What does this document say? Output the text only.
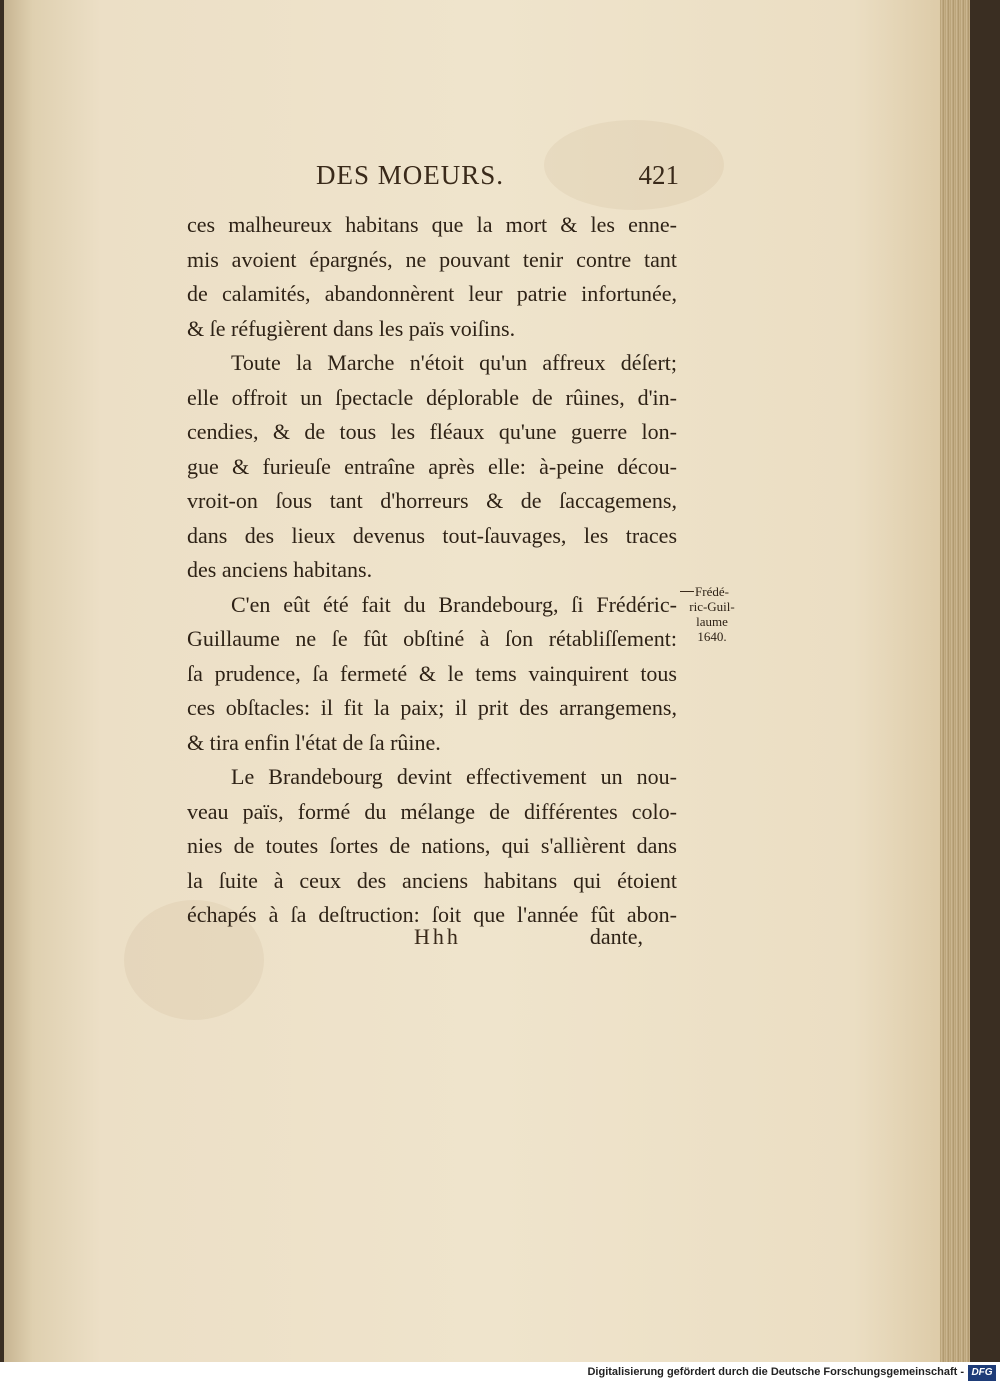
DES MOEURS.	421
ces malheureux habitans que la mort & les enne-
mis avoient épargnés, ne pouvant tenir contre tant
de calamités, abandonnèrent leur patrie infortunée,
& ſe réfugièrent dans les païs voiſins.
Toute la Marche n'étoit qu'un affreux déſert;
elle offroit un ſpectacle déplorable de rûines, d'in-
cendies, & de tous les fléaux qu'une guerre lon-
gue & furieuſe entraîne après elle: à-peine décou-
vroit-on ſous tant d'horreurs & de ſaccagemens,
dans des lieux devenus tout-ſauvages, les traces
des anciens habitans.
C'en eût été fait du Brandebourg, ſi Frédéric-
Guillaume ne ſe fût obſtiné à ſon rétabliſſement:
ſa prudence, ſa fermeté & le tems vainquirent tous
ces obſtacles: il fit la paix; il prit des arrangemens,
& tira enfin l'état de ſa rûine.
Le Brandebourg devint effectivement un nou-
veau païs, formé du mélange de différentes colo-
nies de toutes ſortes de nations, qui s'allièrent dans
la ſuite à ceux des anciens habitans qui étoient
échapés à ſa deſtruction: ſoit que l'année fût abon-
Frédé-
ric-Guil-
laume
1640.
Hhh	dante,
Digitalisierung gefördert durch die Deutsche Forschungsgemeinschaft - DFG
